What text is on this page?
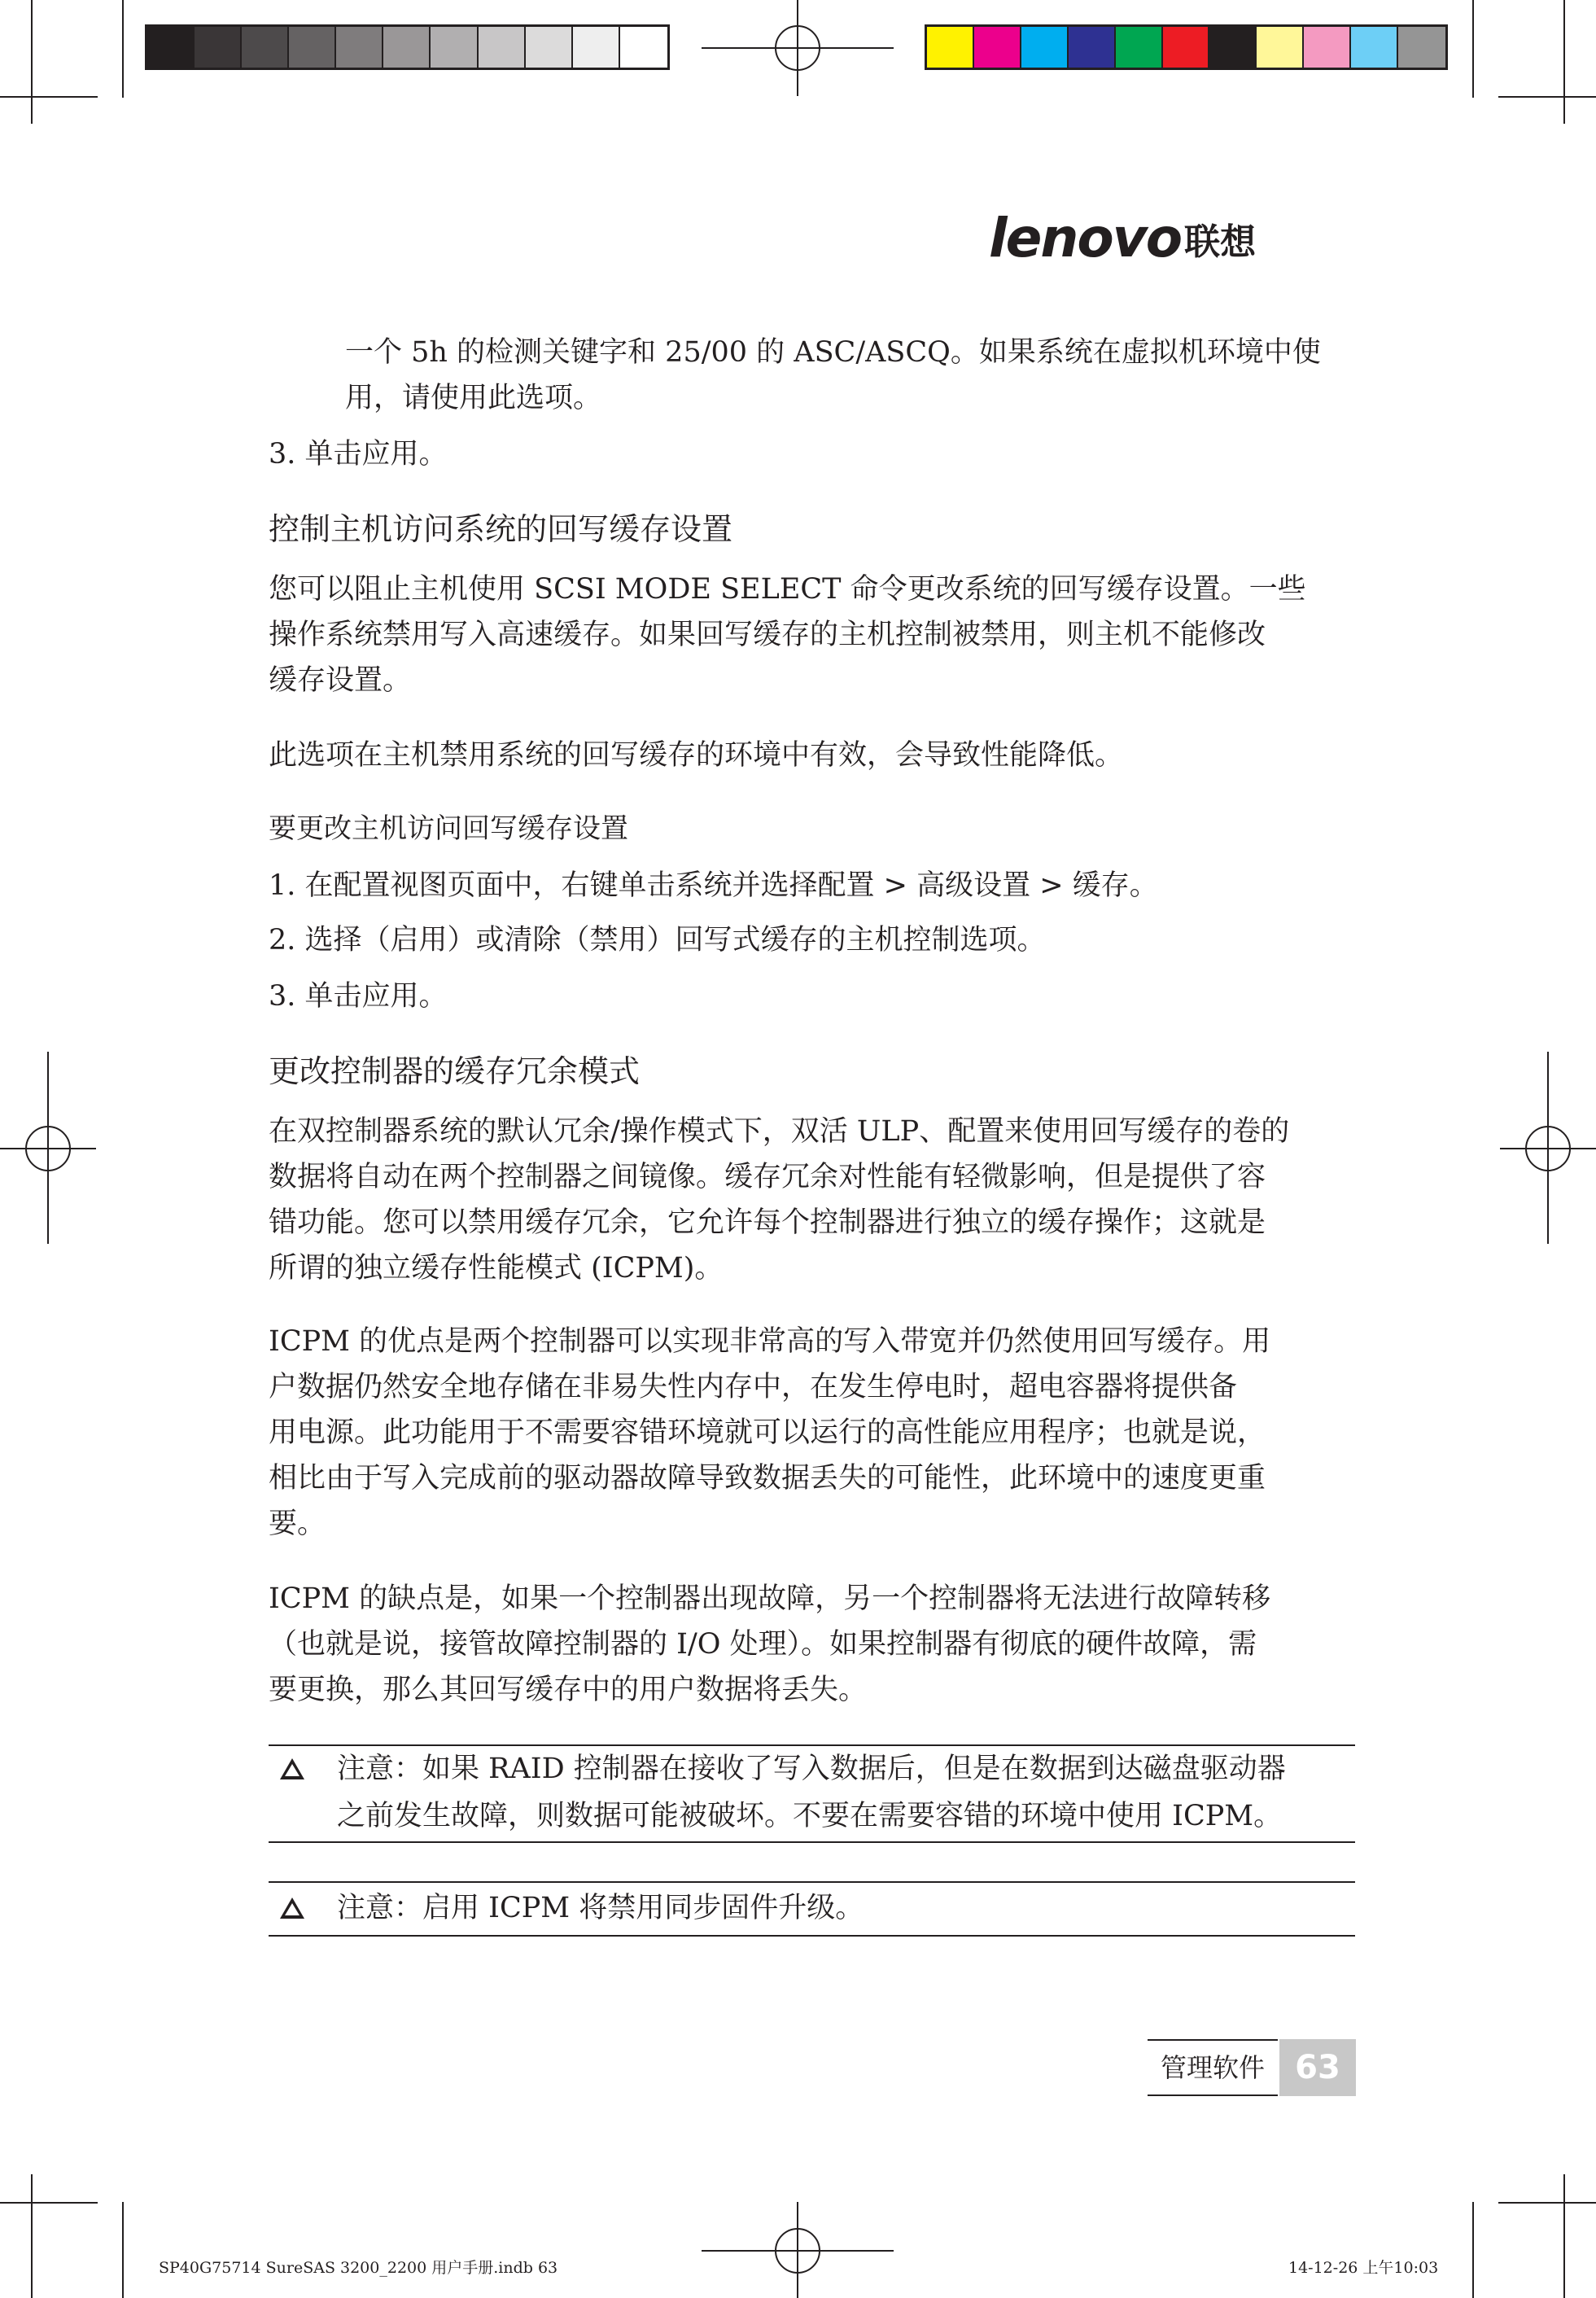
lenovo 联想
一个 5h 的检测关键字和 25/00 的 ASC/ASCQ。如果系统在虚拟机环境中使
用，请使用此选项。
3. 单击应用。
控制主机访问系统的回写缓存设置
您可以阻止主机使用 SCSI MODE SELECT 命令更改系统的回写缓存设置。一些
操作系统禁用写入高速缓存。如果回写缓存的主机控制被禁用，则主机不能修改
缓存设置。
此选项在主机禁用系统的回写缓存的环境中有效，会导致性能降低。
要更改主机访问回写缓存设置
1. 在配置视图页面中，右键单击系统并选择配置 > 高级设置 > 缓存。
2. 选择（启用）或清除（禁用）回写式缓存的主机控制选项。
3. 单击应用。
更改控制器的缓存冗余模式
在双控制器系统的默认冗余/操作模式下，双活 ULP、配置来使用回写缓存的卷的
数据将自动在两个控制器之间镜像。缓存冗余对性能有轻微影响，但是提供了容
错功能。您可以禁用缓存冗余，它允许每个控制器进行独立的缓存操作；这就是
所谓的独立缓存性能模式 (ICPM)。
ICPM 的优点是两个控制器可以实现非常高的写入带宽并仍然使用回写缓存。用
户数据仍然安全地存储在非易失性内存中，在发生停电时，超电容器将提供备
用电源。此功能用于不需要容错环境就可以运行的高性能应用程序；也就是说，
相比由于写入完成前的驱动器故障导致数据丢失的可能性，此环境中的速度更重
要。
ICPM 的缺点是，如果一个控制器出现故障，另一个控制器将无法进行故障转移
（也就是说，接管故障控制器的 I/O 处理）。如果控制器有彻底的硬件故障，需
要更换，那么其回写缓存中的用户数据将丢失。
注意：如果 RAID 控制器在接收了写入数据后，但是在数据到达磁盘驱动器
之前发生故障，则数据可能被破坏。不要在需要容错的环境中使用 ICPM。
注意：启用 ICPM 将禁用同步固件升级。
管理软件 63
SP40G75714 SureSAS 3200_2200 用户手册.indb 63	14-12-26 上午10:03
